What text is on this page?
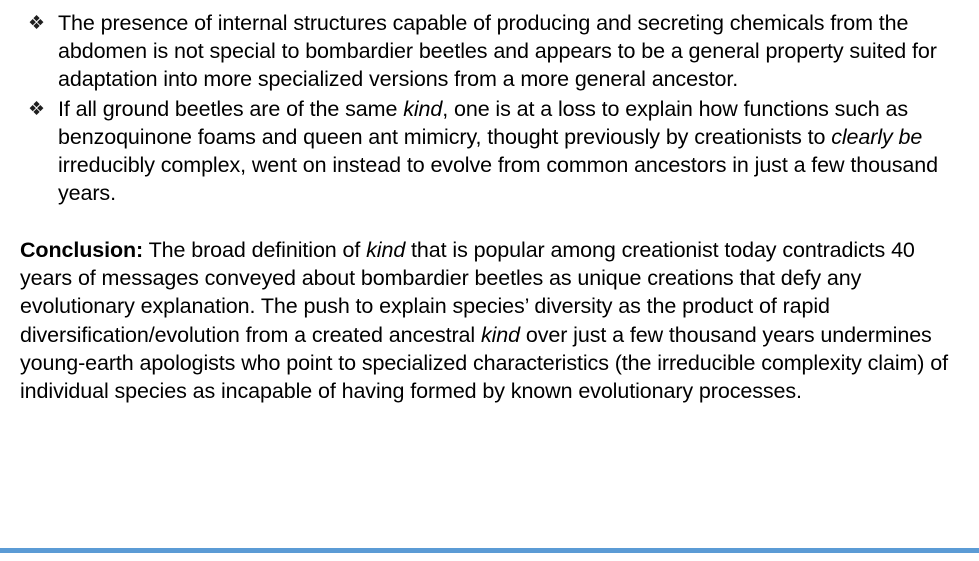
❖ The presence of internal structures capable of producing and secreting chemicals from the abdomen is not special to bombardier beetles and appears to be a general property suited for adaptation into more specialized versions from a more general ancestor.
❖ If all ground beetles are of the same kind, one is at a loss to explain how functions such as benzoquinone foams and queen ant mimicry, thought previously by creationists to clearly be irreducibly complex, went on instead to evolve from common ancestors in just a few thousand years.

Conclusion: The broad definition of kind that is popular among creationist today contradicts 40 years of messages conveyed about bombardier beetles as unique creations that defy any evolutionary explanation. The push to explain species’ diversity as the product of rapid diversification/evolution from a created ancestral kind over just a few thousand years undermines young-earth apologists who point to specialized characteristics (the irreducible complexity claim) of individual species as incapable of having formed by known evolutionary processes.
